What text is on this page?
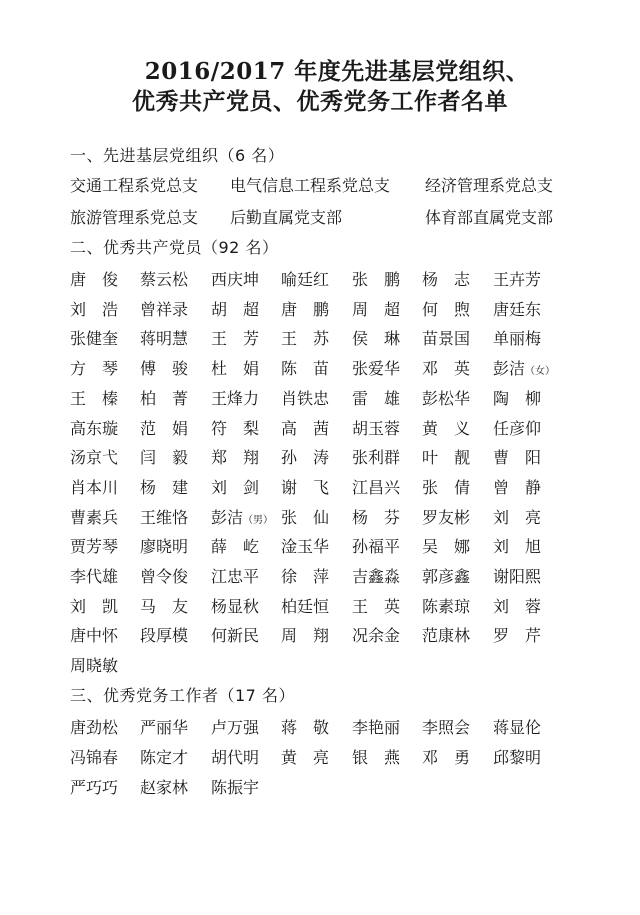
2016/2017 年度先进基层党组织、
优秀共产党员、优秀党务工作者名单
一、先进基层党组织（6 名）
交通工程系党总支 电气信息工程系党总支 经济管理系党总支
旅游管理系党总支 后勤直属党支部	体育部直属党支部
二、优秀共产党员（92 名）
唐　俊 蔡云松 西庆坤 喻廷红 张　鹏 杨　志 王卉芳
刘　浩 曾祥录 胡　超 唐　鹏 周　超 何　煦 唐廷东
张健奎 蒋明慧 王　芳 王　苏 侯　琳 苗景国 单丽梅
方　琴 傅　骏 杜　娟 陈　苗 张爱华 邓　英 彭洁（女）
王　榛 柏　菁 王烽力 肖铁忠 雷　雄 彭松华 陶　柳
高东璇 范　娟 符　梨 高　茜 胡玉蓉 黄　义 任彦仰
汤京弋 闫　毅 郑　翔 孙　涛 张利群 叶　靓 曹　阳
肖本川 杨　建 刘　剑 谢　飞 江昌兴 张　倩 曾　静
曹素兵 王维恪 彭洁（男） 张　仙 杨　芬 罗友彬 刘　亮
贾芳琴 廖晓明 薛　屹 淦玉华 孙福平 吴　娜 刘　旭
李代雄 曾令俊 江忠平 徐　萍 吉鑫淼 郭彦鑫 谢阳熙
刘　凯 马　友 杨显秋 柏廷恒 王　英 陈素琼 刘　蓉
唐中怀 段厚模 何新民 周　翔 况余金 范康林 罗　芹
周晓敏
三、优秀党务工作者（17 名）
唐劲松 严丽华 卢万强 蒋　敬 李艳丽 李照会 蒋显伦
冯锦春 陈定才 胡代明 黄　亮 银　燕 邓　勇 邱黎明
严巧巧 赵家林 陈振宇
